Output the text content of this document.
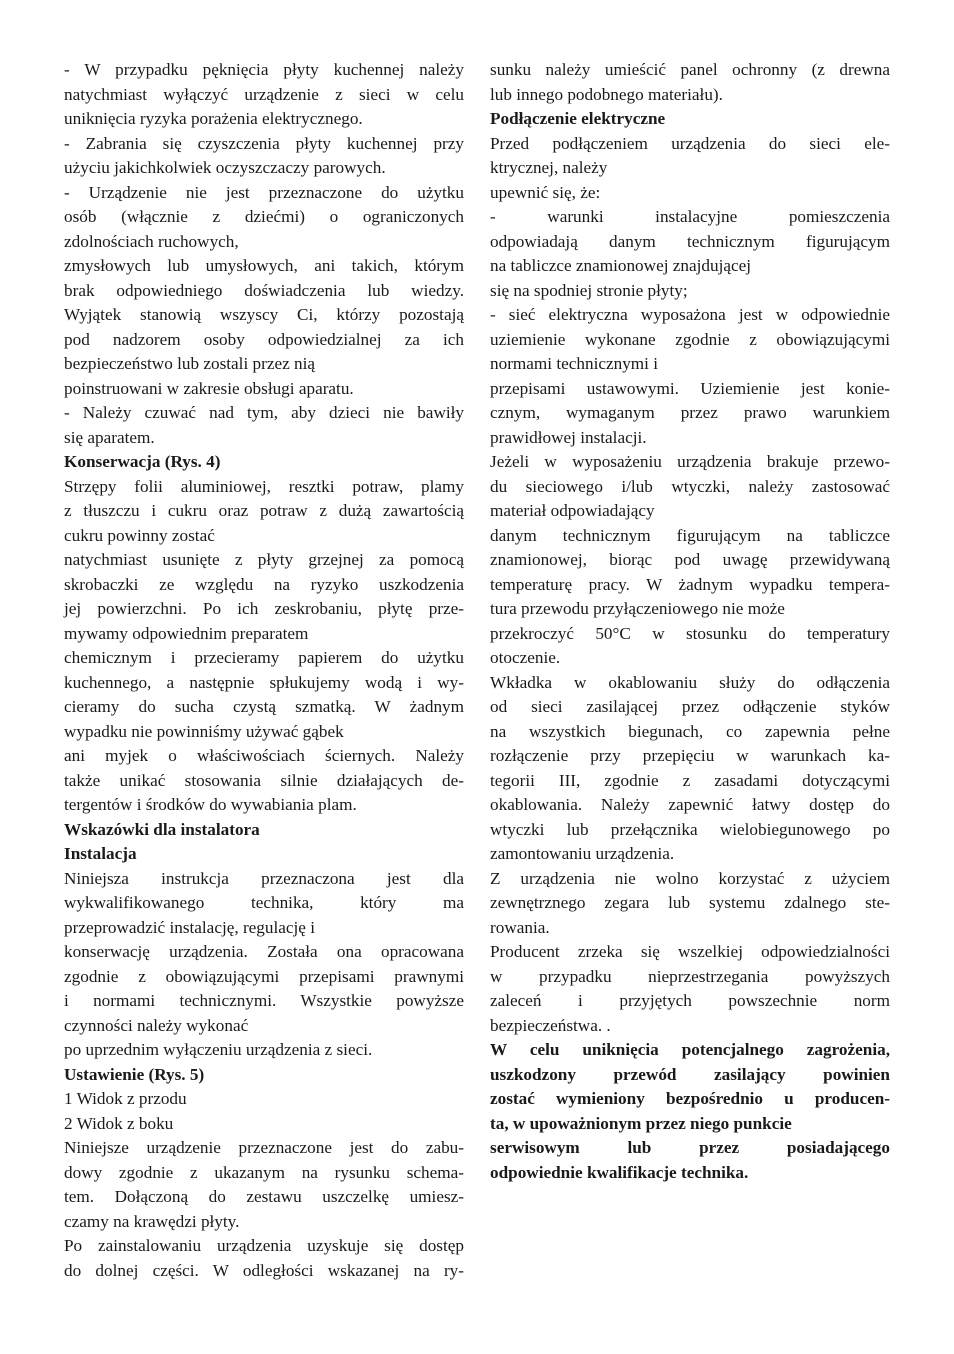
- W przypadku pęknięcia płyty kuchennej należy
natychmiast wyłączyć urządzenie z sieci w celu
uniknięcia ryzyka porażenia elektrycznego.
- Zabrania się czyszczenia płyty kuchennej przy
użyciu jakichkolwiek oczyszczaczy parowych.
- Urządzenie nie jest przeznaczone do użytku
osób (włącznie z dziećmi) o ograniczonych
zdolnościach ruchowych,
zmysłowych lub umysłowych, ani takich, którym
brak odpowiedniego doświadczenia lub wiedzy.
Wyjątek stanowią wszyscy Ci, którzy pozostają
pod nadzorem osoby odpowiedzialnej za ich
bezpieczeństwo lub zostali przez nią
poinstruowani w zakresie obsługi aparatu.
- Należy czuwać nad tym, aby dzieci nie bawiły
się aparatem.
Konserwacja (Rys. 4)
Strzępy folii aluminiowej, resztki potraw, plamy
z tłuszczu i cukru oraz potraw z dużą zawartością
cukru powinny zostać
natychmiast usunięte z płyty grzejnej za pomocą
skrobaczki ze względu na ryzyko uszkodzenia
jej powierzchni. Po ich zeskrobaniu, płytę prze-
mywamy odpowiednim preparatem
chemicznym i przecieramy papierem do użytku
kuchennego, a następnie spłukujemy wodą i wy-
cieramy do sucha czystą szmatką. W żadnym
wypadku nie powinniśmy używać gąbek
ani myjek o właściwościach ściernych. Należy
także unikać stosowania silnie działających de-
tergentów i środków do wywabiania plam.
Wskazówki dla instalatora
Instalacja
Niniejsza instrukcja przeznaczona jest dla
wykwalifikowanego technika, który ma
przeprowadzić instalację, regulację i
konserwację urządzenia. Została ona opracowana
zgodnie z obowiązującymi przepisami prawnymi
i normami technicznymi. Wszystkie powyższe
czynności należy wykonać
po uprzednim wyłączeniu urządzenia z sieci.
Ustawienie (Rys. 5)
1 Widok z przodu
2 Widok z boku
Niniejsze urządzenie przeznaczone jest do zabu-
dowy zgodnie z ukazanym na rysunku schema-
tem. Dołączoną do zestawu uszczelkę umiesz-
czamy na krawędzi płyty.
Po zainstalowaniu urządzenia uzyskuje się dostęp
do dolnej części. W odległości wskazanej na ry-
sunku należy umieścić panel ochronny (z drewna
lub innego podobnego materiału).
Podłączenie elektryczne
Przed podłączeniem urządzenia do sieci ele-
ktrycznej, należy
upewnić się, że:
- warunki instalacyjne pomieszczenia
odpowiadają danym technicznym figurującym
na tabliczce znamionowej znajdującej
się na spodniej stronie płyty;
- sieć elektryczna wyposażona jest w odpowiednie
uziemienie wykonane zgodnie z obowiązującymi
normami technicznymi i
przepisami ustawowymi. Uziemienie jest konie-
cznym, wymaganym przez prawo warunkiem
prawidłowej instalacji.
Jeżeli w wyposażeniu urządzenia brakuje przewo-
du sieciowego i/lub wtyczki, należy zastosować
materiał odpowiadający
danym technicznym figurującym na tabliczce
znamionowej, biorąc pod uwagę przewidywaną
temperaturę pracy. W żadnym wypadku tempera-
tura przewodu przyłączeniowego nie może
przekroczyć 50°C w stosunku do temperatury
otoczenie.
Wkładka w okablowaniu służy do odłączenia
od sieci zasilającej przez odłączenie styków
na wszystkich biegunach, co zapewnia pełne
rozłączenie przy przepięciu w warunkach ka-
tegorii III, zgodnie z zasadami dotyczącymi
okablowania. Należy zapewnić łatwy dostęp do
wtyczki lub przełącznika wielobiegunowego po
zamontowaniu urządzenia.
Z urządzenia nie wolno korzystać z użyciem
zewnętrznego zegara lub systemu zdalnego ste-
rowania.
Producent zrzeka się wszelkiej odpowiedzialności
w przypadku nieprzestrzegania powyższych
zaleceń i przyjętych powszechnie norm
bezpieczeństwa. .
W celu uniknięcia potencjalnego zagrożenia,
uszkodzony przewód zasilający powinien
zostać wymieniony bezpośrednio u producen-
ta, w upoważnionym przez niego punkcie
serwisowym lub przez posiadającego
odpowiednie kwalifikacje technika.
